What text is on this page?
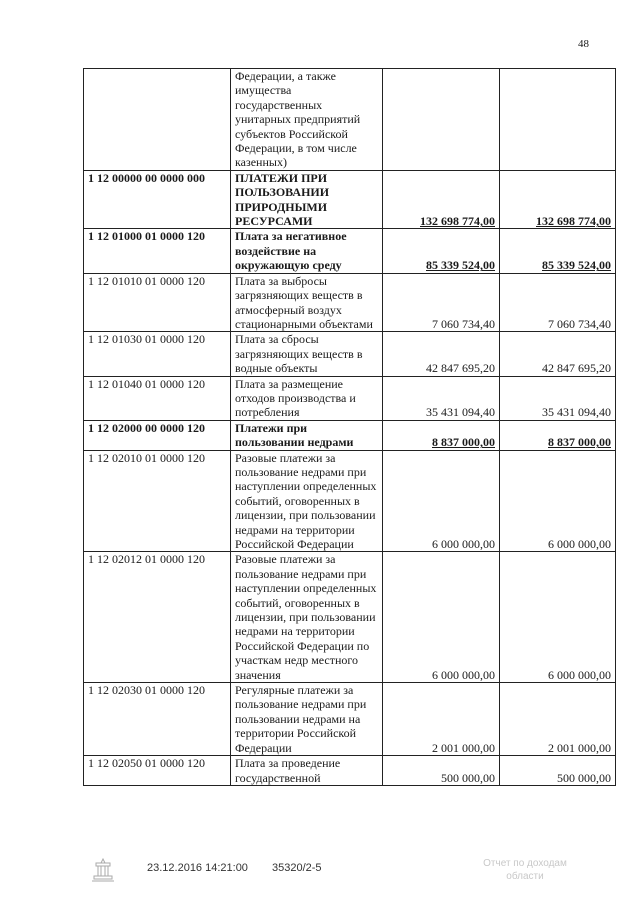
48
	Федерации, а также имущества государственных унитарных предприятий субъектов Российской Федерации, в том числе казенных)		
1 12 00000 00 0000 000	ПЛАТЕЖИ ПРИ ПОЛЬЗОВАНИИ ПРИРОДНЫМИ РЕСУРСАМИ	132 698 774,00	132 698 774,00
1 12 01000 01 0000 120	Плата за негативное воздействие на окружающую среду	85 339 524,00	85 339 524,00
1 12 01010 01 0000 120	Плата за выбросы загрязняющих веществ в атмосферный воздух стационарными объектами	7 060 734,40	7 060 734,40
1 12 01030 01 0000 120	Плата за сбросы загрязняющих веществ в водные объекты	42 847 695,20	42 847 695,20
1 12 01040 01 0000 120	Плата за размещение отходов производства и потребления	35 431 094,40	35 431 094,40
1 12 02000 00 0000 120	Платежи при пользовании недрами	8 837 000,00	8 837 000,00
1 12 02010 01 0000 120	Разовые платежи за пользование недрами при наступлении определенных событий, оговоренных в лицензии, при пользовании недрами на территории Российской Федерации	6 000 000,00	6 000 000,00
1 12 02012 01 0000 120	Разовые платежи за пользование недрами при наступлении определенных событий, оговоренных в лицензии, при пользовании недрами на территории Российской Федерации по участкам недр местного значения	6 000 000,00	6 000 000,00
1 12 02030 01 0000 120	Регулярные платежи за пользование недрами при пользовании недрами на территории Российской Федерации	2 001 000,00	2 001 000,00
1 12 02050 01 0000 120	Плата за проведение государственной	500 000,00	500 000,00
23.12.2016 14:21:00 35320/2-5	Отчет по доходам
области
